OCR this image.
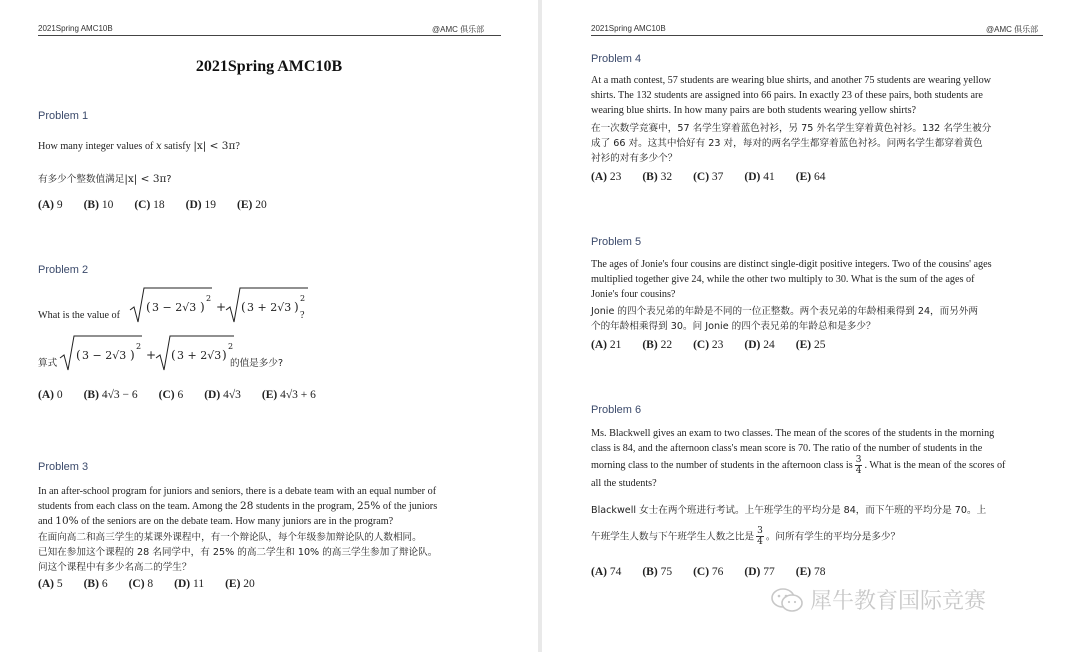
2021Spring AMC10B	@AMC 俱乐部
2021Spring AMC10B
Problem 1
How many integer values of x satisfy |x| < 3π?
有多少个整数值满足|x| < 3π?
(A) 9 (B) 10 (C) 18 (D) 19 (E) 20
Problem 2
What is the value of
( 3 − 2√3 )
2
+ ( 3 + 2√3 )
2
?
算式
( 3 − 2√3 )
2
+ ( 3 + 2√3 )
2
的值是多少?
(A) 0 (B) 4√3 − 6 (C) 6 (D) 4√3 (E) 4√3 + 6
Problem 3
In an after-school program for juniors and seniors, there is a debate team with an equal number of
students from each class on the team. Among the 28 students in the program, 25% of the juniors
and 10% of the seniors are on the debate team. How many juniors are in the program?
在面向高二和高三学生的某课外课程中，有一个辩论队，每个年级参加辩论队的人数相同。
已知在参加这个课程的 28 名同学中，有 25% 的高二学生和 10% 的高三学生参加了辩论队。
问这个课程中有多少名高二的学生？
(A) 5 (B) 6 (C) 8 (D) 11 (E) 20
2021Spring AMC10B	@AMC 俱乐部
Problem 4
At a math contest, 57 students are wearing blue shirts, and another 75 students are wearing yellow
shirts. The 132 students are assigned into 66 pairs. In exactly 23 of these pairs, both students are
wearing blue shirts. In how many pairs are both students wearing yellow shirts?
在一次数学竞赛中，57 名学生穿着蓝色衬衫，另 75 外名学生穿着黄色衬衫。132 名学生被分
成了 66 对。这其中恰好有 23 对，每对的两名学生都穿着蓝色衬衫。问两名学生都穿着黄色
衬衫的对有多少个？
(A) 23 (B) 32 (C) 37 (D) 41 (E) 64
Problem 5
The ages of Jonie's four cousins are distinct single-digit positive integers. Two of the cousins' ages
multiplied together give 24, while the other two multiply to 30. What is the sum of the ages of
Jonie's four cousins?
Jonie 的四个表兄弟的年龄是不同的一位正整数。两个表兄弟的年龄相乘得到 24，而另外两
个的年龄相乘得到 30。问 Jonie 的四个表兄弟的年龄总和是多少？
(A) 21 (B) 22 (C) 23 (D) 24 (E) 25
Problem 6
Ms. Blackwell gives an exam to two classes. The mean of the scores of the students in the morning
class is 84, and the afternoon class's mean score is 70. The ratio of the number of students in the
morning class to the number of students in the afternoon class is $\frac{3}{4}$ . What is the mean of the scores of
all the students?
Blackwell 女士在两个班进行考试。上午班学生的平均分是 84，而下午班的平均分是 70。上
午班学生人数与下午班学生人数之比是 $\frac{3}{4}$ 。问所有学生的平均分是多少？
(A) 74 (B) 75 (C) 76 (D) 77 (E) 78
犀牛教育国际竞赛
